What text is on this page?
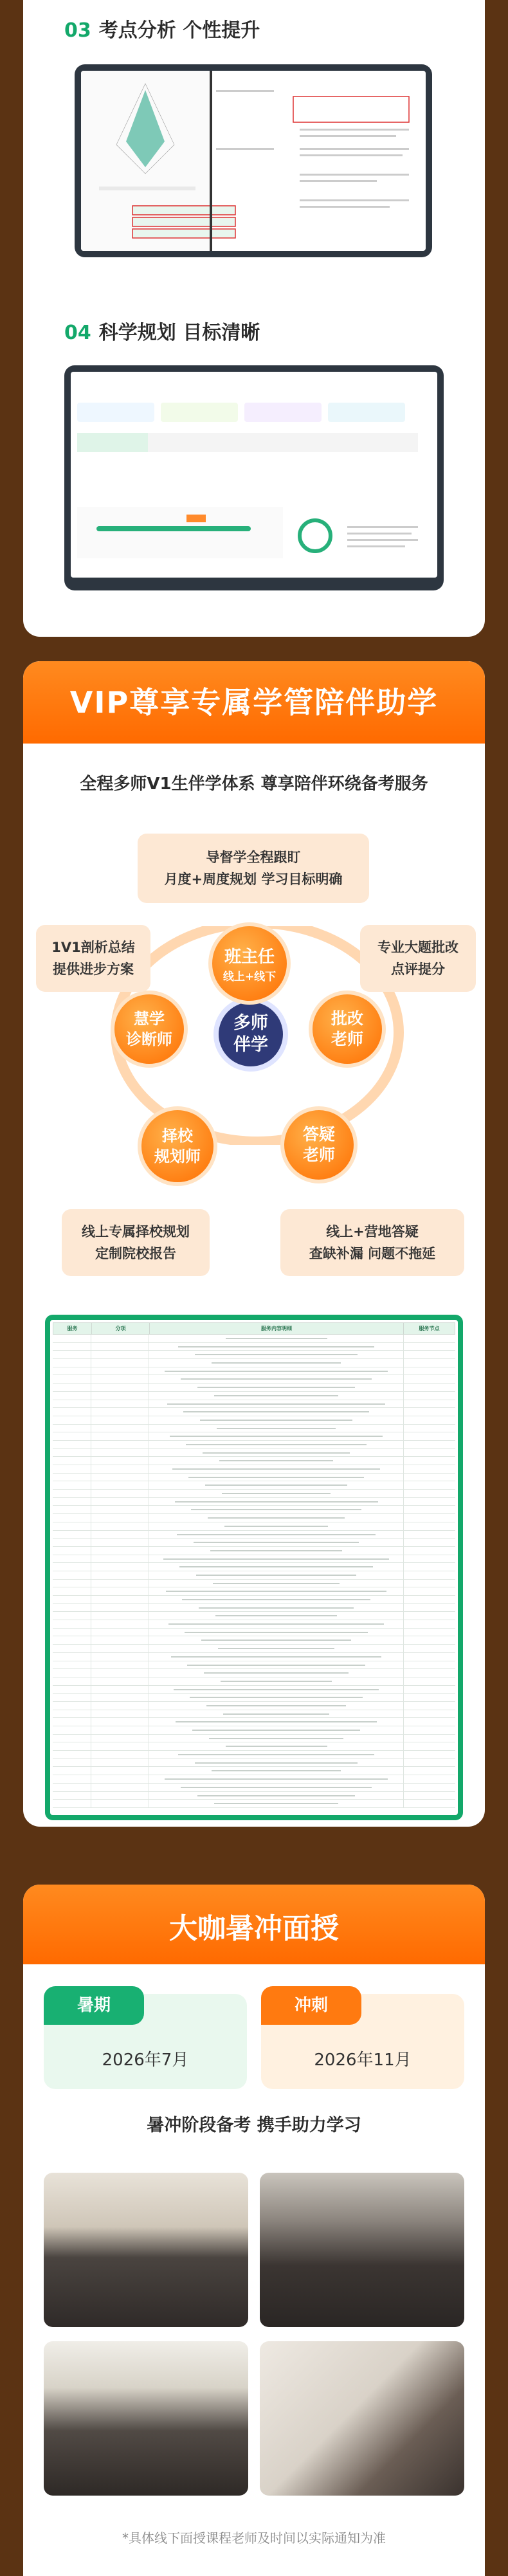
03 考点分析 个性提升
04 科学规划 目标清晰
VIP尊享专属学管陪伴助学
全程多师V1生伴学体系 尊享陪伴环绕备考服务
多师
伴学
班主任
线上+线下
批改
老师
答疑
老师
择校
规划师
慧学
诊断师
导督学全程跟盯
月度+周度规划 学习目标明确
专业大题批改
点评提分
线上+营地答疑
查缺补漏 问题不拖延
线上专属择校规划
定制院校报告
1V1剖析总结
提供进步方案
服务	分项	服务内容明细	服务节点
大咖暑冲面授
暑期
2026年7月
冲刺
2026年11月
暑冲阶段备考 携手助力学习
*具体线下面授课程老师及时间以实际通知为准
